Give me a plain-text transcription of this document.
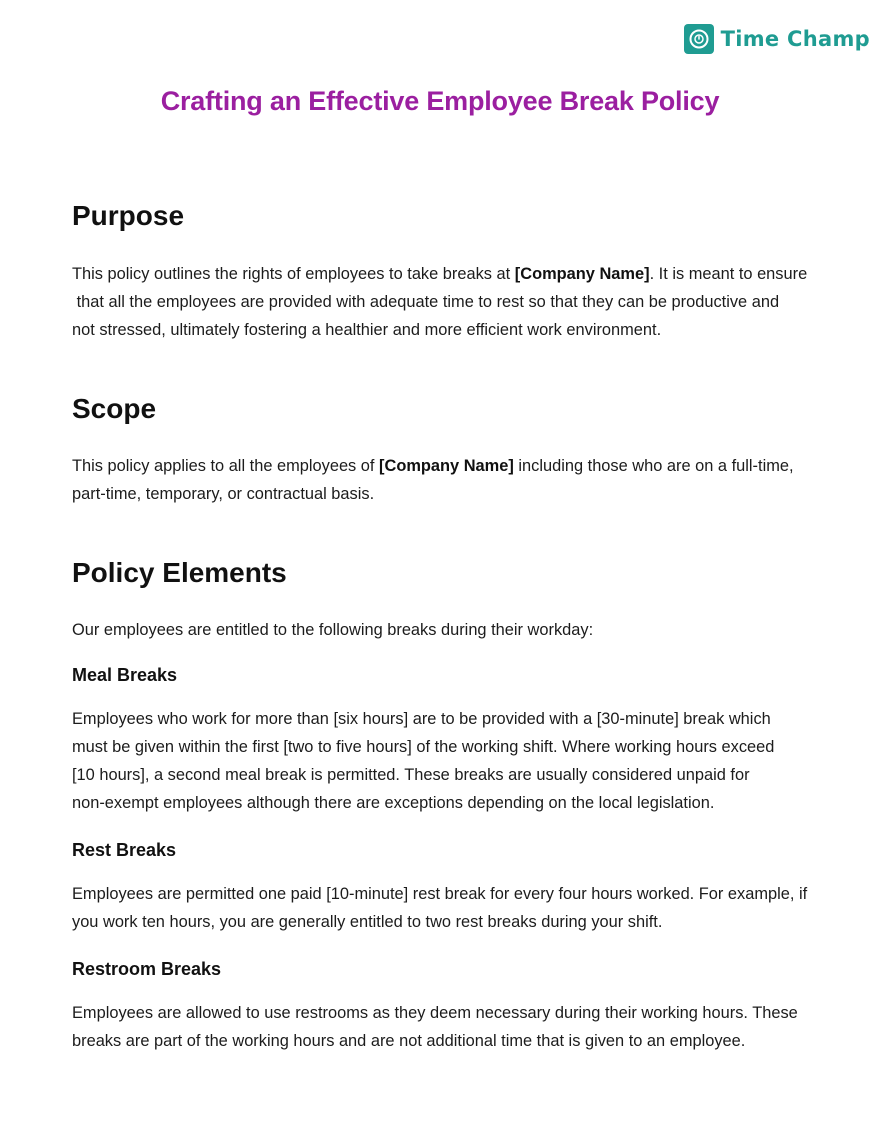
Time Champ
Crafting an Effective Employee Break Policy
Purpose

This policy outlines the rights of employees to take breaks at [Company Name]. It is meant to ensure
that all the employees are provided with adequate time to rest so that they can be productive and
not stressed, ultimately fostering a healthier and more efficient work environment.

Scope

This policy applies to all the employees of [Company Name] including those who are on a full-time,
part-time, temporary, or contractual basis.

Policy Elements

Our employees are entitled to the following breaks during their workday:

Meal Breaks

Employees who work for more than [six hours] are to be provided with a [30-minute] break which
must be given within the first [two to five hours] of the working shift. Where working hours exceed
[10 hours], a second meal break is permitted. These breaks are usually considered unpaid for
non-exempt employees although there are exceptions depending on the local legislation.

Rest Breaks

Employees are permitted one paid [10-minute] rest break for every four hours worked. For example, if
you work ten hours, you are generally entitled to two rest breaks during your shift.

Restroom Breaks

Employees are allowed to use restrooms as they deem necessary during their working hours. These
breaks are part of the working hours and are not additional time that is given to an employee.
